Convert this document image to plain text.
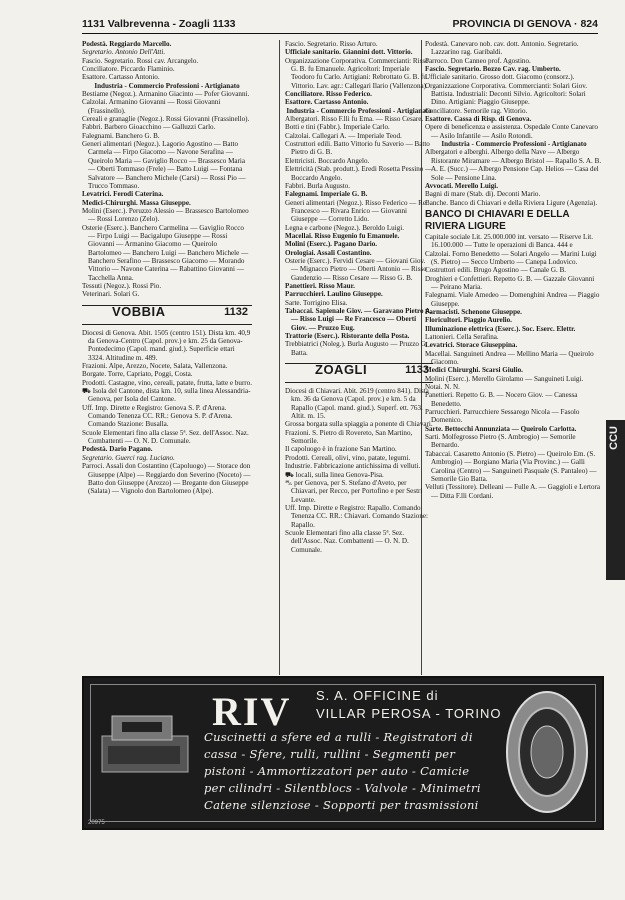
1131 Valbrevenna - Zoagli 1133	PROVINCIA DI GENOVA · 824

Podestà. Reggiardo Marcello.

Segretario. Antonio Dell'Atti.

Fascio. Segretario. Rossi cav. Arcangelo.

Conciliatore. Piccardo Flaminio.

Esattore. Cartasso Antonio.

Industria - Commercio Professioni - Artigianato

Bestiame (Negoz.). Armanino Giacinto — Pofer Giovanni.

Calzolai. Armanino Giovanni — Rossi Giovanni (Frassinello).

Cereali e granaglie (Negoz.). Rossi Giovanni (Frassinello).

Fabbri. Barbero Gioacchino — Galluzzi Carlo.

Falegnami. Banchero G. B.

Generi alimentari (Negoz.). Lagorio Agostino — Batto Carmela — Firpo Giacomo — Navone Serafina — Queirolo Maria — Gaviglio Rocco — Brassesco Maria — Oberti Tommaso (Frele) — Batto Luigi — Fontana Salvatore — Banchero Michele (Carsi) — Rossi Pio — Trucco Tommaso.

Levatrici. Ferodi Caterina.

Medici-Chirurghi. Massa Giuseppe.

Molini (Eserc.). Peruzzo Alessio — Brassesco Bartolomeo — Rossi Lorenzo (Zelo).

Osterie (Eserc.). Banchero Carmelina — Gaviglio Rocco — Firpo Luigi — Bacigalupo Giuseppe — Rossi Giovanni — Armanino Giacomo — Queirolo Bartolomeo — Banchero Luigi — Banchero Michele — Banchero Serafino — Brassesco Giacomo — Morando Vittorio — Navone Caterina — Rabattino Giovanni — Tacchella Anna.

Tessuti (Negoz.). Rossi Pio.

Veterinari. Solari G.

VOBBIA	1132

Diocesi di Genova. Abit. 1505 (centro 151). Dista km. 40,9 da Genova-Centro (Capol. prov.) e km. 25 da Genova-Pontedecimo (Capol. mand. giud.). Superficie ettari 3324. Altitudine m. 489.

Frazioni. Alpe, Arezzo, Nocete, Salata, Vallenzona.

Borgate. Torre, Capriato, Poggi, Costa.

Prodotti. Castagne, vino, cereali, patate, frutta, latte e burro.

⛟ Isola del Cantone, dista km. 10, sulla linea Alessandria-Genova, per Isola del Cantone.

Uff. Imp. Dirette e Registro: Genova S. P. d'Arena. Comando Tenenza CC. RR.: Genova S. P. d'Arena. Comando Stazione: Busalla.

Scuole Elementari fino alla classe 5ª. Sez. dell'Assoc. Naz. Combattenti — O. N. D. Comunale.

Podestà. Dario Pagano.

Segretario. Guerci rag. Luciano.

Parroci. Assali don Costantino (Capoluogo) — Storace don Giuseppe (Alpe) — Reggiardo don Severino (Noceto) — Batto don Giuseppe (Arezzo) — Bregante don Giuseppe (Salata) — Vignolo don Bartolomeo (Alpe).

Fascio. Segretario. Risso Arturo.

Ufficiale sanitario. Giannini dott. Vittorio.

Organizzazione Corporativa. Commercianti: Risso G. B. fu Emanuele. Agricoltori: Imperiale Teodoro fu Carlo. Artigiani: Rebrottato G. B. fu Vittorio. Lav. agr.: Callegari Ilario (Vallenzona).

Conciliatore. Risso Federico.

Esattore. Cartasso Antonio.

Industria - Commercio Professioni - Artigianato

Albergatori. Risso F.lli fu Ema. — Risso Cesare.

Botti e tini (Fabbr.). Imperiale Carlo.

Calzolai. Callegari A. — Imperiale Teod.

Costruttori edili. Batto Vittorio fu Saverio — Batto Pietro di G. B.

Elettricisti. Boccardo Angelo.

Elettricità (Stab. produtt.). Eredi Rosetta Pessino — Boccardo Angelo.

Fabbri. Burla Augusto.

Falegnami. Imperiale G. B.

Generi alimentari (Negoz.). Risso Federico — Re Francesco — Rivara Enrico — Giovanni Giuseppe — Corretto Lido.

Legna e carbone (Negoz.). Beroldo Luigi.

Macellai. Risso Eugenio fu Emanuele.

Molini (Eserc.). Pagano Dario.

Orologiai. Assali Costantino.

Osterie (Eserc.). Fervidi Cesare — Giovani Giov. — Mignacco Pietro — Oberti Antonio — Risso Gaudenzio — Risso Cesare — Risso G. B.

Panettieri. Risso Maur.

Parrucchieri. Laulino Giuseppe.

Sarte. Torrigino Elisa.

Tabaccai. Sapienale Giov. — Garavano Pietro A. — Risso Luigi — Re Francesco — Oberti Giov. — Pruzzo Eug.

Trattorie (Eserc.). Ristorante della Posta.

Trebbiatrici (Noleg.). Burla Augusto — Pruzzo G. Batta.

ZOAGLI	1133

Diocesi di Chiavari. Abit. 2619 (centro 841). Dista km. 36 da Genova (Capol. prov.) e km. 5 da Rapallo (Capol. mand. giud.). Superf. ett. 763. Altit. m. 15.

Grossa borgata sulla spiaggia a ponente di Chiavari.

Frazioni. S. Pietro di Rovereto, San Martino, Semorile.

Il capoluogo è in frazione San Martino.

Prodotti. Cereali, olivi, vino, patate, legumi.

Industrie. Fabbricazione antichissima di velluti.

⛟ locali, sulla linea Genova-Pisa.

⛍ per Genova, per S. Stefano d'Aveto, per Chiavari, per Recco, per Portofino e per Sestri Levante.

Uff. Imp. Dirette e Registro: Rapallo. Comando Tenenza CC. RR.: Chiavari. Comando Stazione: Rapallo.

Scuole Elementari fino alla classe 5ª. Sez. dell'Assoc. Naz. Combattenti — O. N. D. Comunale.

Podestà. Canevaro nob. cav. dott. Antonio. Segretario. Lazzarino rag. Garibaldi.

Parroco. Don Canneo prof. Agostino.

Fascio. Segretario. Bozzo Cav. rag. Umberto.

Ufficiale sanitario. Grosso dott. Giacomo (consorz.).

Organizzazione Corporativa. Commercianti: Solari Giov. Battista. Industriali: Deconti Silvio. Agricoltori: Solari Dino. Artigiani: Piaggio Giuseppe.

Conciliatore. Semorile rag. Vittorio.

Esattore. Cassa di Risp. di Genova.

Opere di beneficenza e assistenza. Ospedale Conte Canevaro — Asilo Infantile — Asilo Rotondi.

Industria - Commercio Professioni - Artigianato

Albergatori e alberghi. Albergo della Nave — Albergo Ristorante Miramare — Albergo Bristol — Rapallo S. A. B. A. E. (Succ.) — Albergo Pensione Cap. Helios — Casa del Sole — Pensione Lina.

Avvocati. Merello Luigi.

Bagni di mare (Stab. di). Deconti Mario.

Banche. Banco di Chiavari e della Riviera Ligure (Agenzia).

BANCO DI CHIAVARI E DELLA RIVIERA LIGURE

Capitale sociale Lit. 25.000.000 int. versato — Riserve Lit. 16.100.000 — Tutte le operazioni di Banca. 444 e

Calzolai. Forno Benedetto — Solari Angelo — Marini Luigi (S. Pietro) — Secco Umberto — Canepa Lodovico.

Costruttori edili. Brugo Agostino — Canale G. B.

Droghieri e Confettieri. Repetto G. B. — Gazzale Giovanni — Peirano Maria.

Falegnami. Viale Amedeo — Domenghini Andrea — Piaggio Giuseppe.

Farmacisti. Schenone Giuseppe.

Floricultori. Piaggio Aurelio.

Illuminazione elettrica (Eserc.). Soc. Eserc. Elettr.

Lattonieri. Cella Serafina.

Levatrici. Storace Giuseppina.

Macellai. Sanguineti Andrea — Mellino Maria — Queirolo Giacomo.

Medici Chirurghi. Scarsi Giulio.

Molini (Eserc.). Merello Girolamo — Sanguineti Luigi.

Notai. N. N.

Panettieri. Repetto G. B. — Nocero Giov. — Canessa Benedetto.

Parrucchieri. Parrucchiere Sessarego Nicola — Fasolo Domenico.

Sarte. Bettocchi Annunziata — Queirolo Carlotta.

Sarti. Molfegrosso Pietro (S. Ambrogio) — Semorile Bernardo.

Tabaccai. Casaretto Antonio (S. Pietro) — Queirolo Em. (S. Ambrogio) — Borgiano Maria (Via Provinc.) — Galli Carolina (Centro) — Sanguineti Pasquale (S. Pantaleo) — Semorile Gio Batta.

Velluti (Tessitore). Delleani — Fulle A. — Gaggioli e Lertora — Ditta F.lli Cordani.

CCU
RIV S. A. OFFICINE di
VILLAR PEROSA - TORINO
Cuscinetti a sfere ed a rulli - Registratori di
cassa - Sfere, rulli, rullini - Segmenti per
pistoni - Ammortizzatori per auto - Camicie
per cilindri - Silentblocs - Valvole - Minimetri
Catene silenziose - Sopporti per trasmissioni
20975
